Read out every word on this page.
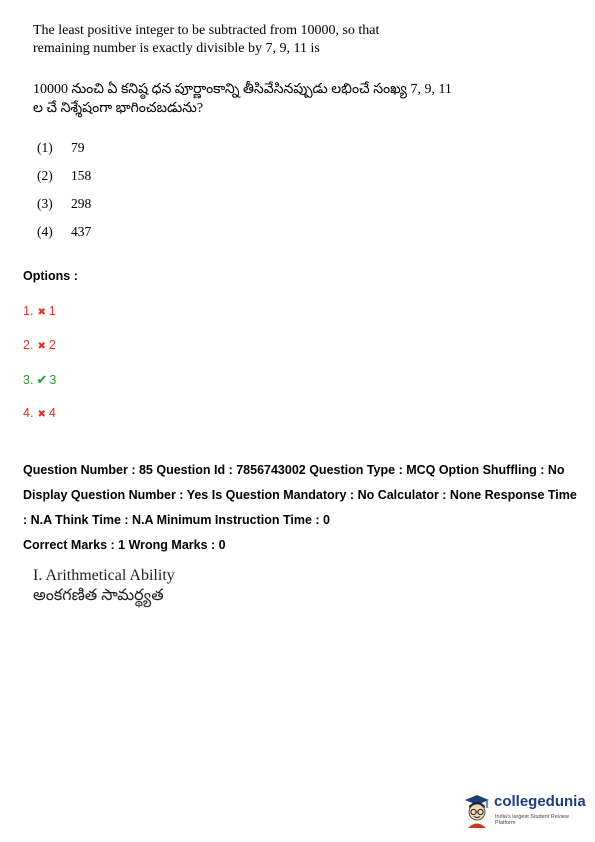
The least positive integer to be subtracted from 10000, so that remaining number is exactly divisible by 7, 9, 11 is
10000 నుంచి ఏ కనిష్ఠ ధన పూర్ణాంకాన్ని తీసివేసినప్పుడు లభించే సంఖ్య 7, 9, 11 ల చే నిశ్శేషంగా భాగించబడును?
(1) 79
(2) 158
(3) 298
(4) 437
Options :
1. ✖ 1
2. ✖ 2
3. ✔ 3
4. ✖ 4
Question Number : 85 Question Id : 7856743002 Question Type : MCQ Option Shuffling : No Display Question Number : Yes Is Question Mandatory : No Calculator : None Response Time : N.A Think Time : N.A Minimum Instruction Time : 0
Correct Marks : 1 Wrong Marks : 0
I. Arithmetical Ability
అంకగణిత సామర్థ్యత
collegedunia
India's largest Student Review Platform
